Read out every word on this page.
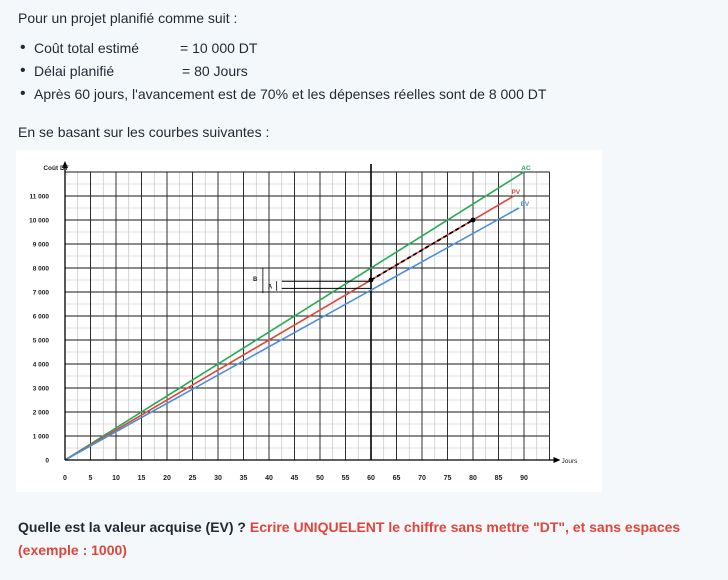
Pour un projet planifié comme suit :
• Coût total estimé	= 10 000 DT
• Délai planifié	= 80 Jours
• Après 60 jours, l'avancement est de 70% et les dépenses réelles sont de 8 000 DT
En se basant sur les courbes suivantes :
AC
PV
EV
B
A
0	5	10	15	20	25	30	35	40	45	50	55	60	65	70	75	80	85	90
0
1 000
2 000
3 000
4 000
5 000
6 000
7 000
8 000
9 000
10 000
11 000
Coût DT
Jours
Quelle est la valeur acquise (EV) ? Ecrire UNIQUELENT le chiffre sans mettre "DT", et sans espaces (exemple : 1000)
